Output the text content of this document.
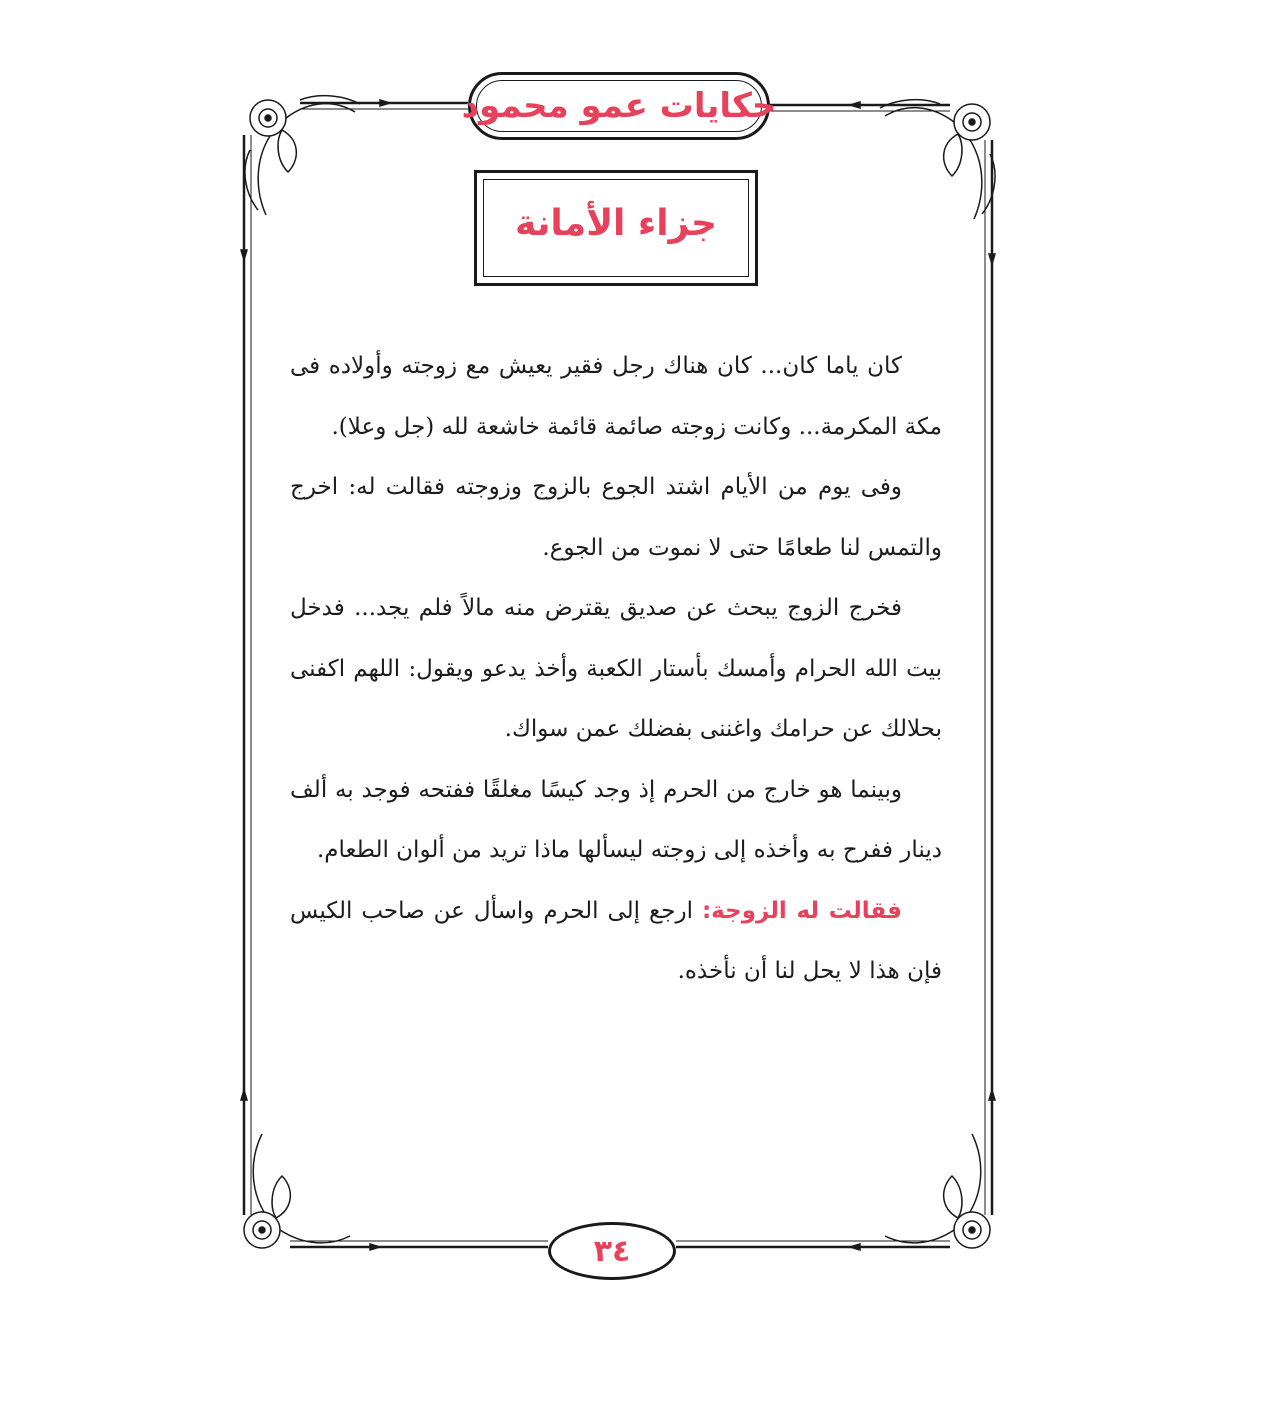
حكايات عمو محمود
جزاء الأمانة

كان ياما كان... كان هناك رجل فقير يعيش مع زوجته وأولاده فى مكة المكرمة... وكانت زوجته صائمة قائمة خاشعة لله (جل وعلا).

وفى يوم من الأيام اشتد الجوع بالزوج وزوجته فقالت له: اخرج والتمس لنا طعامًا حتى لا نموت من الجوع.

فخرج الزوج يبحث عن صديق يقترض منه مالاً فلم يجد... فدخل بيت الله الحرام وأمسك بأستار الكعبة وأخذ يدعو ويقول: اللهم اكفنى بحلالك عن حرامك واغننى بفضلك عمن سواك.

وبينما هو خارج من الحرم إذ وجد كيسًا مغلقًا ففتحه فوجد به ألف دينار ففرح به وأخذه إلى زوجته ليسألها ماذا تريد من ألوان الطعام.

فقالت له الزوجة: ارجع إلى الحرم واسأل عن صاحب الكيس فإن هذا لا يحل لنا أن نأخذه.

٣٤
